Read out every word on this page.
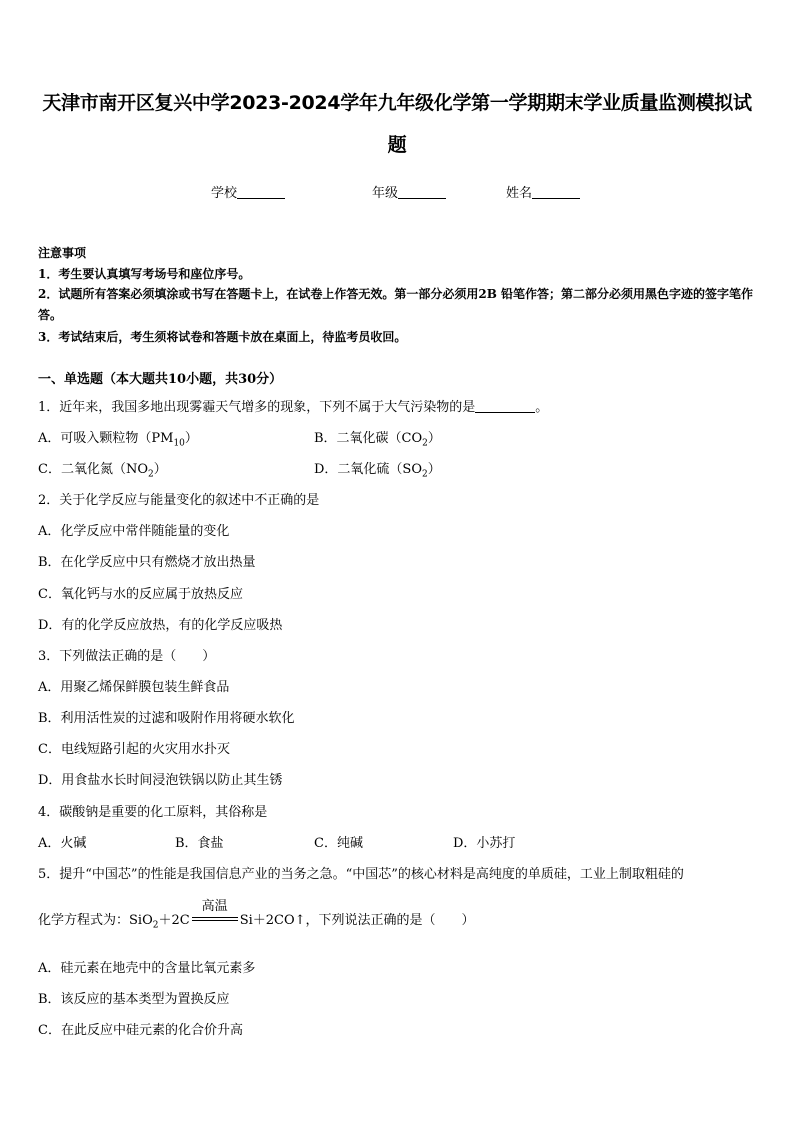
天津市南开区复兴中学2023-2024学年九年级化学第一学期期末学业质量监测模拟试
题
学校	年级	姓名
注意事项
1．考生要认真填写考场号和座位序号。
2．试题所有答案必须填涂或书写在答题卡上，在试卷上作答无效。第一部分必须用2B 铅笔作答；第二部分必须用黑色字迹的签字笔作答。
3．考试结束后，考生须将试卷和答题卡放在桌面上，待监考员收回。
一、单选题（本大题共10小题，共30分）
1．近年来，我国多地出现雾霾天气增多的现象，下列不属于大气污染物的是	。
A．可吸入颗粒物$(PM_{10})$	B．二氧化碳$(CO_2)$
C．二氧化氮$(NO_2)$	D．二氧化硫$(SO_2)$
2．关于化学反应与能量变化的叙述中不正确的是
A．化学反应中常伴随能量的变化
B．在化学反应中只有燃烧才放出热量
C．氧化钙与水的反应属于放热反应
D．有的化学反应放热，有的化学反应吸热
3．下列做法正确的是（　　）
A．用聚乙烯保鲜膜包装生鲜食品
B．利用活性炭的过滤和吸附作用将硬水软化
C．电线短路引起的火灾用水扑灭
D．用食盐水长时间浸泡铁锅以防止其生锈
4．碳酸钠是重要的化工原料，其俗称是
A．火碱	B．食盐	C．纯碱	D．小苏打
5．提升“中国芯”的性能是我国信息产业的当务之急。“中国芯”的核心材料是高纯度的单质硅，工业上制取粗硅的
化学方程式为：SiO$_2$＋2C
高温
Si＋2CO↑，下列说法正确的是（　　）
A．硅元素在地壳中的含量比氧元素多
B．该反应的基本类型为置换反应
C．在此反应中硅元素的化合价升高
